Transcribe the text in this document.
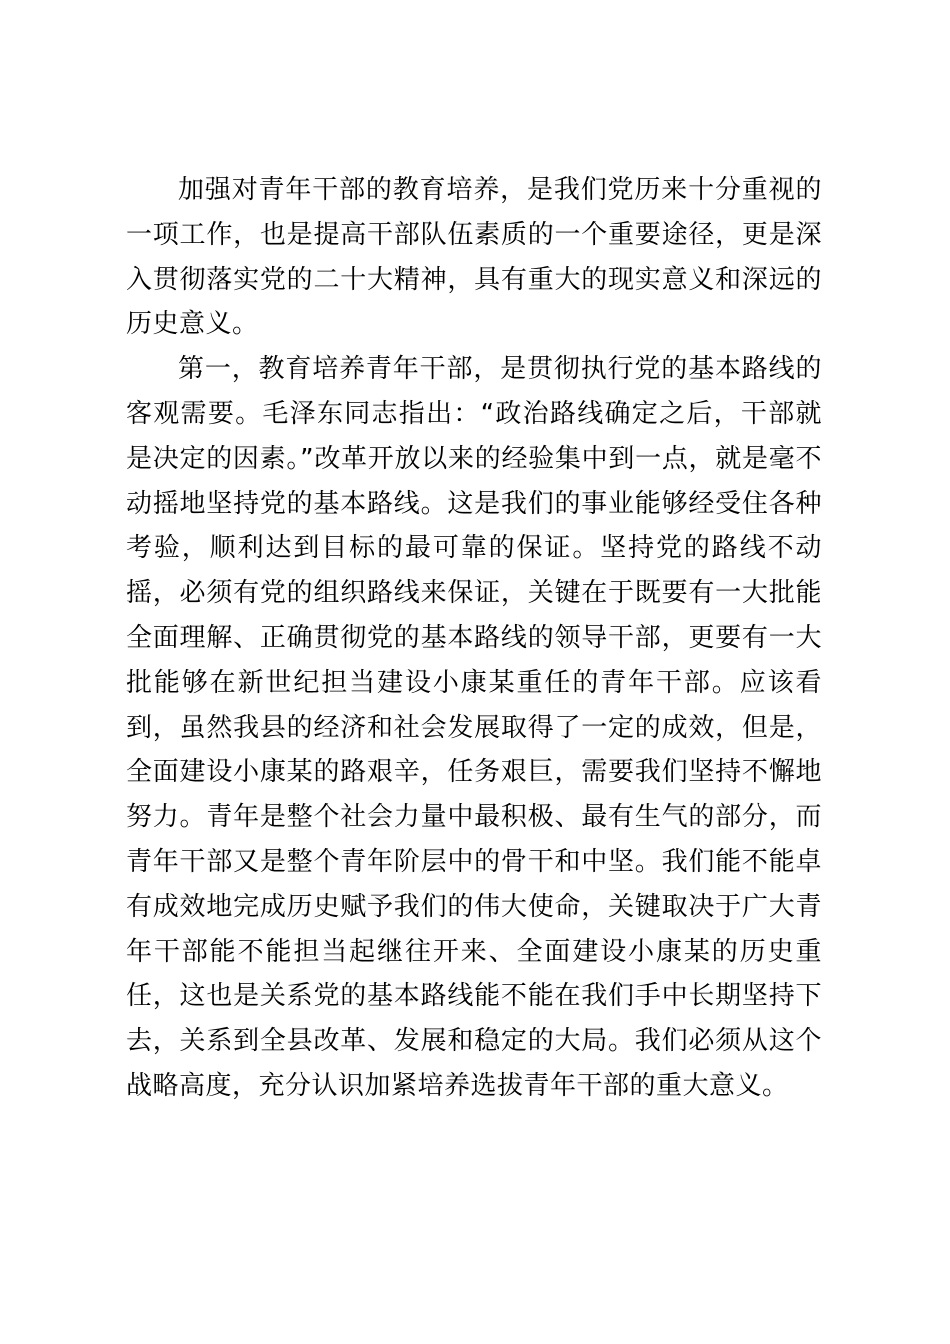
加强对青年干部的教育培养，是我们党历来十分重视的一项工作，也是提高干部队伍素质的一个重要途径，更是深入贯彻落实党的二十大精神，具有重大的现实意义和深远的历史意义。

第一，教育培养青年干部，是贯彻执行党的基本路线的客观需要。毛泽东同志指出：“政治路线确定之后，干部就是决定的因素。”改革开放以来的经验集中到一点，就是毫不动摇地坚持党的基本路线。这是我们的事业能够经受住各种考验，顺利达到目标的最可靠的保证。坚持党的路线不动摇，必须有党的组织路线来保证，关键在于既要有一大批能全面理解、正确贯彻党的基本路线的领导干部，更要有一大批能够在新世纪担当建设小康某重任的青年干部。应该看到，虽然我县的经济和社会发展取得了一定的成效，但是，全面建设小康某的路艰辛，任务艰巨，需要我们坚持不懈地努力。青年是整个社会力量中最积极、最有生气的部分，而青年干部又是整个青年阶层中的骨干和中坚。我们能不能卓有成效地完成历史赋予我们的伟大使命，关键取决于广大青年干部能不能担当起继往开来、全面建设小康某的历史重任，这也是关系党的基本路线能不能在我们手中长期坚持下去，关系到全县改革、发展和稳定的大局。我们必须从这个战略高度，充分认识加紧培养选拔青年干部的重大意义。
